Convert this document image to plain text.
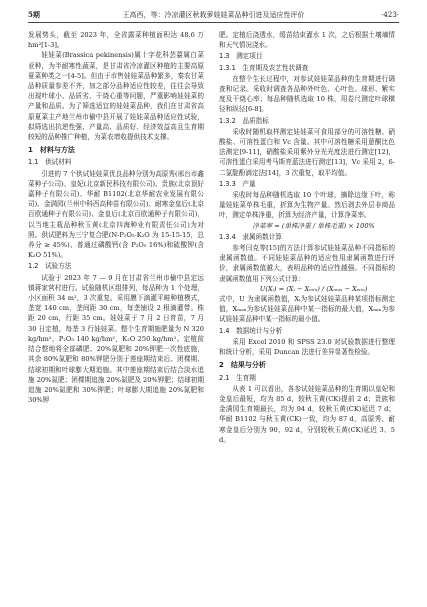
5期	王高西，等：冷凉灌区秋栽萝娃娃菜品种引进及适应性评价	·423·

发展势头，截至 2023 年，全省露菜种植面积达 48.6 万 hm²[1-3]。

娃娃菜(Brassica pekinensis)属十字花科芸薹属白菜亚种，为半耐寒性蔬菜，是甘肃省冷凉灌区种植的主要高原夏菜种类之一[4-5]。但由于市售娃娃菜品种繁多，秦农甘菜品种质量参差不齐，加之部分品种适应性较差，往往会导致出现叶球小、品质劣、干烧心重等问题，严重影响娃娃菜的产量和品质。为了筛选适宜的娃娃菜品种，我们在甘肃省高原夏菜主产地兰州市榆中县开展了娃娃菜品种适应性试验，拟筛选出抗逆性强、产量高、品质好、经济效益高且生育期较短的品种推广种植，为菜农增收提供技术支撑。

1　材料与方法
1.1　供试材料

引进的 7 个供试娃娃菜优良品种分别为高原秀(邢台市鑫菜种子公司)、皇妃(北京新民科技有限公司)、贵族(北京顶好嘉种子有限公司)、华耐 B1102(北京华耐农业发展有限公司)、金满园(兰州中科西高种苗有限公司)、耐寒金皇后(北京百欧通种子有限公司)、金皇后(北京百欧通种子有限公司)，以当地主栽品种秋玉黄(北京四海种业有限责任公司)为对照。供试肥料为三宁复合肥(N-P₂O₅-K₂O 为 15-15-15，总养分 ≥ 45%)、普通过磷酸钙(含 P₂O₅ 16%)和硫酸钾(含 K₂O 51%)。

1.2　试验方法

试验于 2023 年 7 — 9 月在甘肃省兰州市榆中县定远镇蒋家营村进行。试验随机区组排列，每品种为 1 个处理，小区面积 34 m²，3 次重复。采用膜下滴灌平畦种植模式，垄宽 140 cm，垄间距 30 cm，每垄铺设 2 根滴灌带。株距 20 cm，行距 35 cm。娃娃菜于 7 月 2 日育苗，7 月 30 日定植，每垄 3 行娃娃菜。整个生育期施肥量为 N 320 kg/hm²，P₂O₅ 140 kg/hm²，K₂O 250 kg/hm²。定植前结合整地将全部磷肥、20%氮肥和 20%钾肥一次性底施，其余 80%氮肥和 80%钾肥分别于莲座期结束后、团棵期、结球初期和叶球膨大期追施。其中莲座期结束后结合淡水追施 20%氮肥；团棵期追施 20%氮肥及 20%钾肥；结球初期追施 20%氮肥和 30%钾肥；叶球膨大期追施 20%氮肥和 30%钾

肥。定植后浇透水，缓苗结束灌水 1 次，之后根据土壤墒情和天气情况浇水。

1.3　测定项目
1.3.1　生育期及农艺性状调查

在整个生长过程中，对参试娃娃菜品种的生育期进行调查和记录。采收时调查各品种外叶色、心叶色、球形、紫实度及干烧心率；每品种随机选取 10 株，用卷尺测定叶球横径和纵径[6-8]。

1.3.2　品质指标

采收时随机取样测定娃娃菜可食用部分的可溶性糖、硝酸盐、可溶性蛋白和 Vc 含量。其中可溶性糖采用蒽酮比色法测定[9-11]，硝酸盐采用紫外分光光度法进行测定[12]，可溶性蛋白采用考马斯亮蓝法进行测定[13]，Vc 采用 2，6-二氯靛酚滴定法[14]，3 次重复，取平均值。

1.3.3　产量

采收时每品种随机选取 10 个叶球，摘除边缘下叶，称量娃娃菜单株毛重，折算为生物产量。然后剥去外层非商品叶，测定单株净重，折算为经济产量，计算净菜率。

净菜率 = (单株净重 / 单株毛重) × 100%

1.3.4　隶属函数计算

参考闫克等[15]的方法计算参试娃娃菜品种不同指标的隶属函数值。不同娃娃菜品种的适应性用隶属函数进行评价，隶属函数值越大，表明品种的适应性越强。不同指标的隶属函数值用下列公式计算：

U(Xᵢ) = (Xᵢ − Xₘᵢₙ) / (Xₘₐₓ − Xₘᵢₙ)

式中，U 为隶属函数值，Xᵢ为参试娃娃菜品种某项指标测定值，Xₘₐₓ为参试娃娃菜品种中某一指标的最大值，Xₘᵢₙ为参试娃娃菜品种中某一指标的最小值。

1.4　数据统计与分析

采用 Excel 2010 和 SPSS 23.0 对试验数据进行整理和统计分析，采用 Duncan 法进行差异显著性检验。

2　结果与分析
2.1　生育期

从表 1 可以看出，各参试娃娃菜品种的生育期以皇妃和金皇后最短，均为 85 d，较秋玉黄(CK)提前 2 d；贵族和金满园生育期最长，均为 94 d，较秋玉黄(CK)延迟 7 d；华耐 B1102 与秋玉黄(CK)一致，均为 87 d，高原秀、耐寒金皇后分别为 90、92 d，分别较秋玉黄(CK)延迟 3、5 d。
